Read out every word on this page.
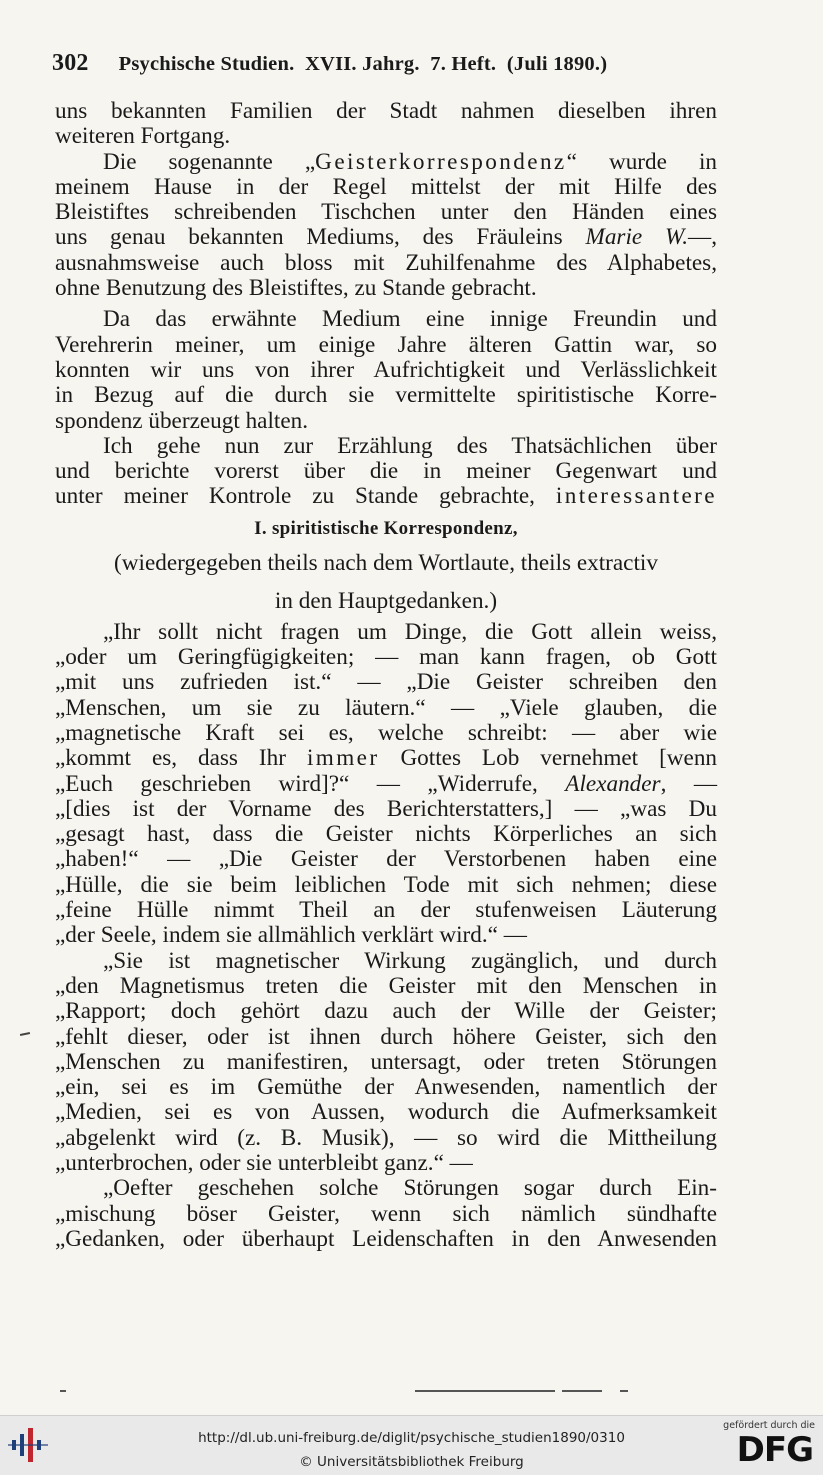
302 Psychische Studien.  XVII. Jahrg.  7. Heft.  (Juli 1890.)
uns bekannten Familien der Stadt nahmen dieselben ihren
weiteren Fortgang.
Die sogenannte „Geisterkorrespondenz“ wurde in
meinem Hause in der Regel mittelst der mit Hilfe des
Bleistiftes schreibenden Tischchen unter den Händen eines
uns genau bekannten Mediums, des Fräuleins Marie W.—,
ausnahmsweise auch bloss mit Zuhilfenahme des Alphabetes,
ohne Benutzung des Bleistiftes, zu Stande gebracht.
Da das erwähnte Medium eine innige Freundin und
Verehrerin meiner, um einige Jahre älteren Gattin war, so
konnten wir uns von ihrer Aufrichtigkeit und Verlässlichkeit
in Bezug auf die durch sie vermittelte spiritistische Korre-
spondenz überzeugt halten.
Ich gehe nun zur Erzählung des Thatsächlichen über
und berichte vorerst über die in meiner Gegenwart und
unter meiner Kontrole zu Stande gebrachte, interessantere
I. spiritistische Korrespondenz,
(wiedergegeben theils nach dem Wortlaute, theils extractiv
in den Hauptgedanken.)
„Ihr sollt nicht fragen um Dinge, die Gott allein weiss,
„oder um Geringfügigkeiten; — man kann fragen, ob Gott
„mit uns zufrieden ist.“ — „Die Geister schreiben den
„Menschen, um sie zu läutern.“ — „Viele glauben, die
„magnetische Kraft sei es, welche schreibt: — aber wie
„kommt es, dass Ihr immer Gottes Lob vernehmet [wenn
„Euch geschrieben wird]?“ — „Widerrufe, Alexander, —
„[dies ist der Vorname des Berichterstatters,] — „was Du
„gesagt hast, dass die Geister nichts Körperliches an sich
„haben!“ — „Die Geister der Verstorbenen haben eine
„Hülle, die sie beim leiblichen Tode mit sich nehmen; diese
„feine Hülle nimmt Theil an der stufenweisen Läuterung
„der Seele, indem sie allmählich verklärt wird.“ —
„Sie ist magnetischer Wirkung zugänglich, und durch
„den Magnetismus treten die Geister mit den Menschen in
„Rapport; doch gehört dazu auch der Wille der Geister;
„fehlt dieser, oder ist ihnen durch höhere Geister, sich den
„Menschen zu manifestiren, untersagt, oder treten Störungen
„ein, sei es im Gemüthe der Anwesenden, namentlich der
„Medien, sei es von Aussen, wodurch die Aufmerksamkeit
„abgelenkt wird (z. B. Musik), — so wird die Mittheilung
„unterbrochen, oder sie unterbleibt ganz.“ —
„Oefter geschehen solche Störungen sogar durch Ein-
„mischung böser Geister, wenn sich nämlich sündhafte
„Gedanken, oder überhaupt Leidenschaften in den Anwesenden
http://dl.ub.uni-freiburg.de/diglit/psychische_studien1890/0310
© Universitätsbibliothek Freiburg
gefördert durch die
DFG
